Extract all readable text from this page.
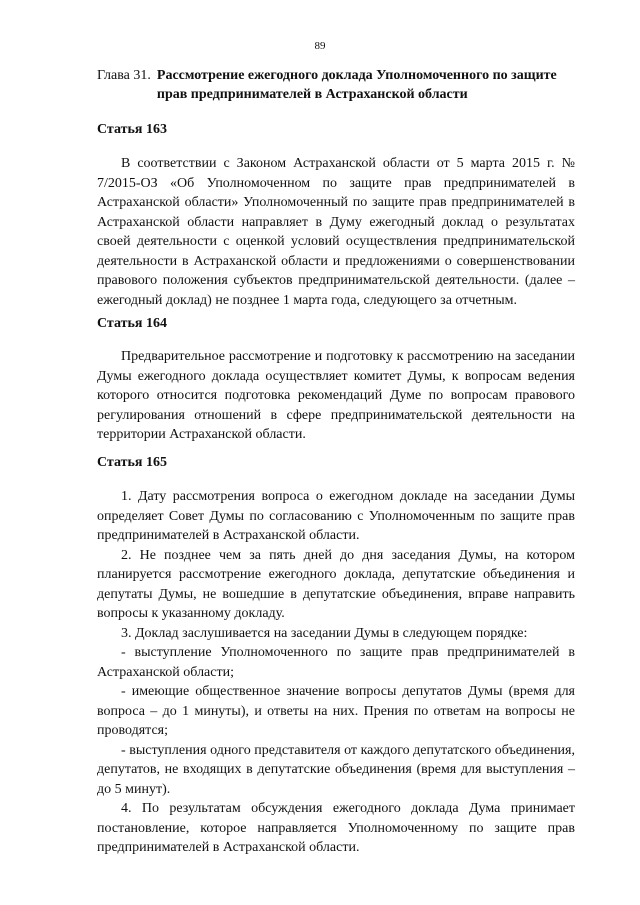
89
Глава 31. Рассмотрение ежегодного доклада Уполномоченного по защите прав предпринимателей в Астраханской области
Статья 163

В соответствии с Законом Астраханской области от 5 марта 2015 г. № 7/2015-ОЗ «Об Уполномоченном по защите прав предпринимателей в Астраханской области» Уполномоченный по защите прав предпринимателей в Астраханской области направляет в Думу ежегодный доклад о результатах своей деятельности с оценкой условий осуществления предпринимательской деятельности в Астраханской области и предложениями о совершенствовании правового положения субъектов предпринимательской деятельности. (далее – ежегодный доклад) не позднее 1 марта года, следующего за отчетным.

Статья 164

Предварительное рассмотрение и подготовку к рассмотрению на заседании Думы ежегодного доклада осуществляет комитет Думы, к вопросам ведения которого относится подготовка рекомендаций Думе по вопросам правового регулирования отношений в сфере предпринимательской деятельности на территории Астраханской области.

Статья 165

1. Дату рассмотрения вопроса о ежегодном докладе на заседании Думы определяет Совет Думы по согласованию с Уполномоченным по защите прав предпринимателей в Астраханской области.

2. Не позднее чем за пять дней до дня заседания Думы, на котором планируется рассмотрение ежегодного доклада, депутатские объединения и депутаты Думы, не вошедшие в депутатские объединения, вправе направить вопросы к указанному докладу.

3. Доклад заслушивается на заседании Думы в следующем порядке:

- выступление Уполномоченного по защите прав предпринимателей в Астраханской области;

- имеющие общественное значение вопросы депутатов Думы (время для вопроса – до 1 минуты), и ответы на них. Прения по ответам на вопросы не проводятся;

- выступления одного представителя от каждого депутатского объединения, депутатов, не входящих в депутатские объединения (время для выступления – до 5 минут).

4. По результатам обсуждения ежегодного доклада Дума принимает постановление, которое направляется Уполномоченному по защите прав предпринимателей в Астраханской области.
